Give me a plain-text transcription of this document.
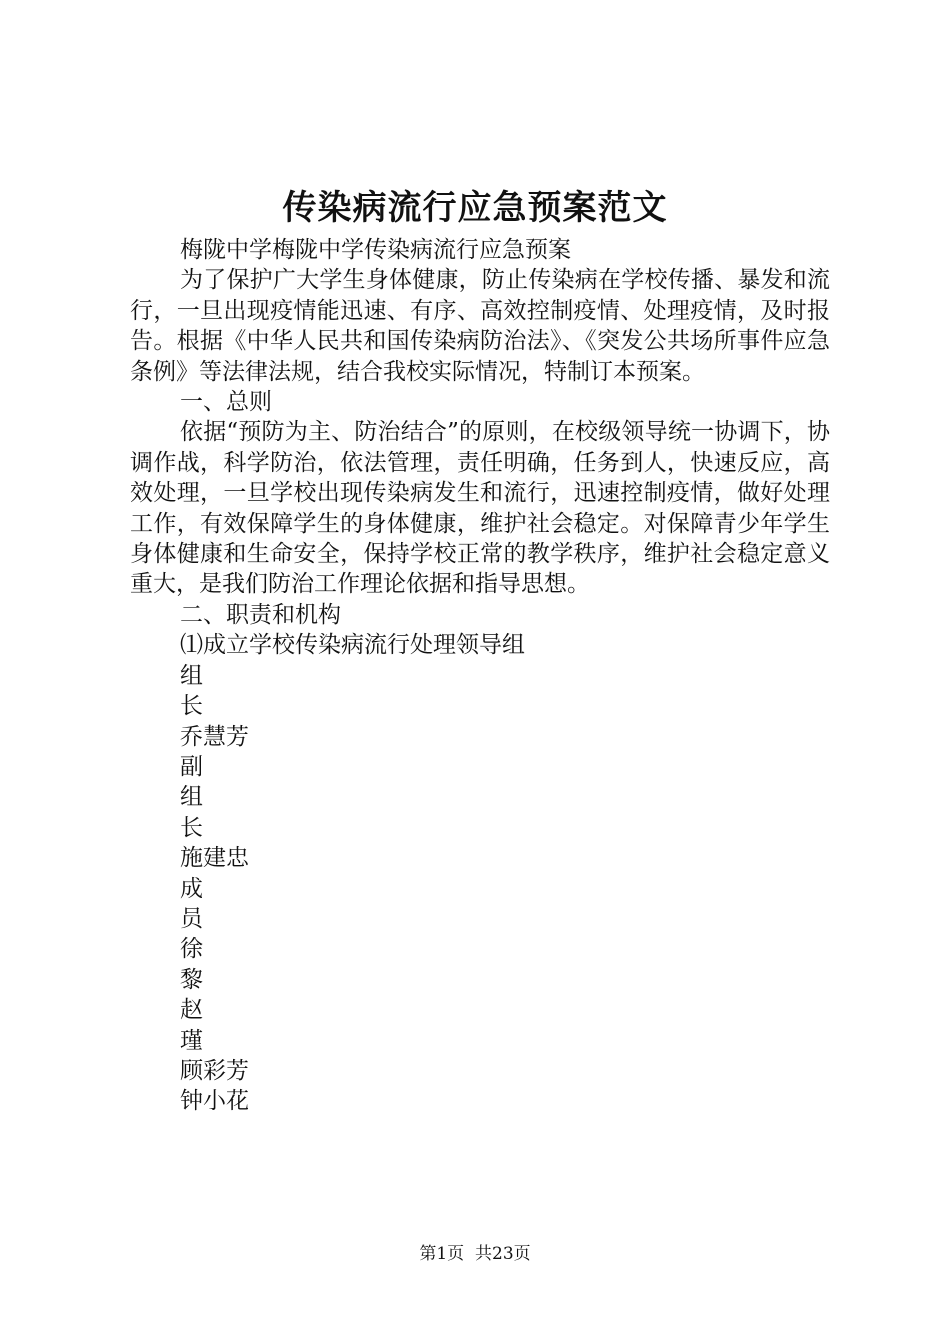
传染病流行应急预案范文

梅陇中学梅陇中学传染病流行应急预案

为了保护广大学生身体健康，防止传染病在学校传播、暴发和流行，一旦出现疫情能迅速、有序、高效控制疫情、处理疫情，及时报告。根据《中华人民共和国传染病防治法》、《突发公共场所事件应急条例》等法律法规，结合我校实际情况，特制订本预案。

一、总则

依据“预防为主、防治结合”的原则，在校级领导统一协调下，协调作战，科学防治，依法管理，责任明确，任务到人，快速反应，高效处理，一旦学校出现传染病发生和流行，迅速控制疫情，做好处理工作，有效保障学生的身体健康，维护社会稳定。对保障青少年学生身体健康和生命安全，保持学校正常的教学秩序，维护社会稳定意义重大，是我们防治工作理论依据和指导思想。

二、职责和机构

⑴成立学校传染病流行处理领导组

组

长

乔慧芳

副

组

长

施建忠

成

员

徐

黎

赵

瑾

顾彩芳

钟小花

第1页 共23页
